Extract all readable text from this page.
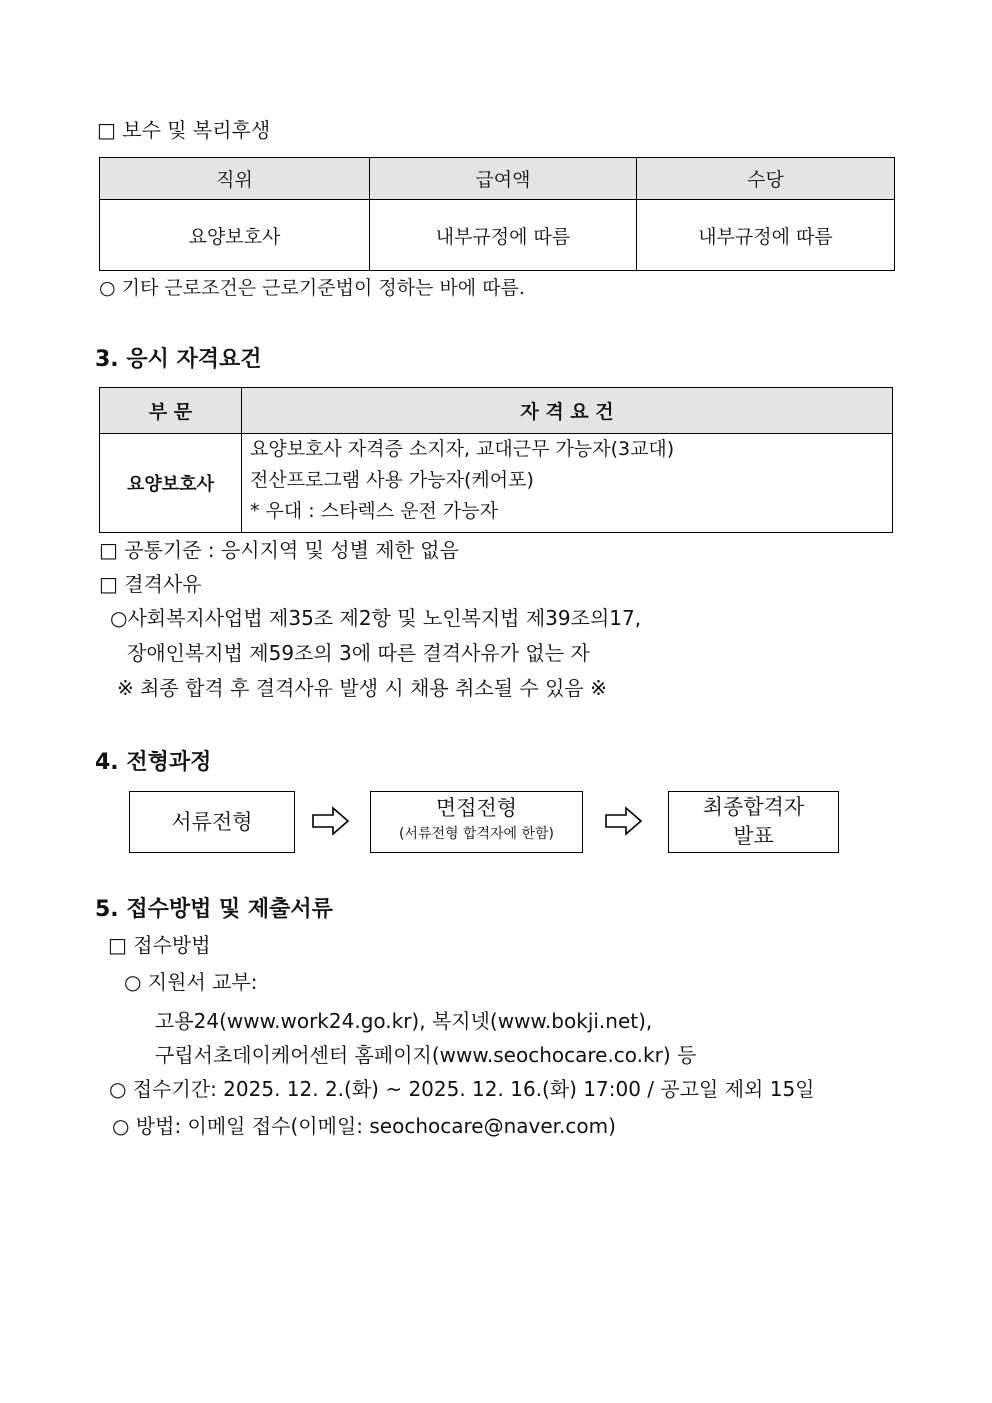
□ 보수 및 복리후생
직위	급여액	수당
요양보호사	내부규정에 따름	내부규정에 따름
○ 기타 근로조건은 근로기준법이 정하는 바에 따름.
3. 응시 자격요건
부 문	자 격 요 건
요양보호사	요양보호사 자격증 소지자, 교대근무 가능자(3교대)
전산프로그램 사용 가능자(케어포)
* 우대 : 스타렉스 운전 가능자
□ 공통기준 : 응시지역 및 성별 제한 없음
□ 결격사유
○사회복지사업법 제35조 제2항 및 노인복지법 제39조의17,
장애인복지법 제59조의 3에 따른 결격사유가 없는 자
※ 최종 합격 후 결격사유 발생 시 채용 취소될 수 있음 ※
4. 전형과정
서류전형
면접전형
(서류전형 합격자에 한함)
최종합격자
발표
5. 접수방법 및 제출서류
□ 접수방법
○ 지원서 교부:
고용24(www.work24.go.kr), 복지넷(www.bokji.net),
구립서초데이케어센터 홈페이지(www.seochocare.co.kr) 등
○ 접수기간: 2025. 12. 2.(화) ~ 2025. 12. 16.(화) 17:00 / 공고일 제외 15일
○ 방법: 이메일 접수(이메일: seochocare@naver.com)
